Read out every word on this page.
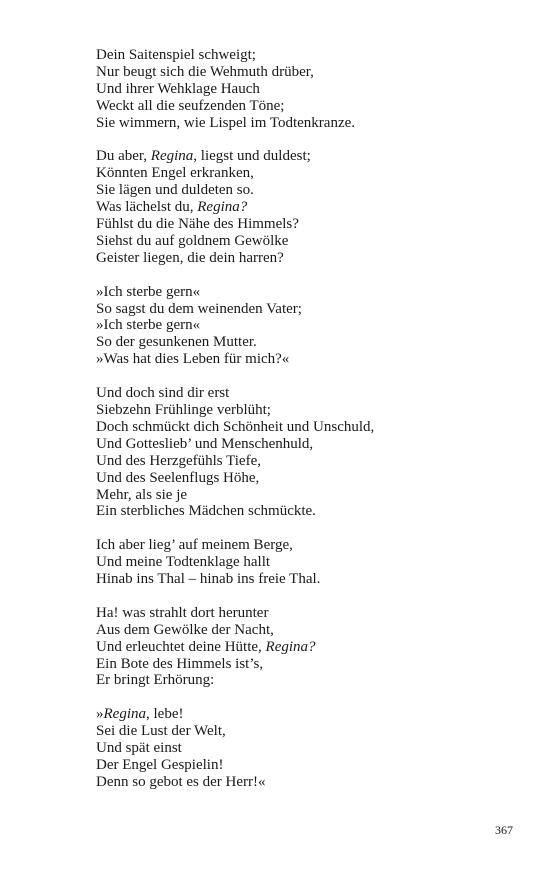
Dein Saitenspiel schweigt;
Nur beugt sich die Wehmuth drüber,
Und ihrer Wehklage Hauch
Weckt all die seufzenden Töne;
Sie wimmern, wie Lispel im Todtenkranze.
Du aber, Regina, liegst und duldest;
Könnten Engel erkranken,
Sie lägen und duldeten so.
Was lächelst du, Regina?
Fühlst du die Nähe des Himmels?
Siehst du auf goldnem Gewölke
Geister liegen, die dein harren?
»Ich sterbe gern«
So sagst du dem weinenden Vater;
»Ich sterbe gern«
So der gesunkenen Mutter.
»Was hat dies Leben für mich?«
Und doch sind dir erst
Siebzehn Frühlinge verblüht;
Doch schmückt dich Schönheit und Unschuld,
Und Gotteslieb’ und Menschenhuld,
Und des Herzgefühls Tiefe,
Und des Seelenflugs Höhe,
Mehr, als sie je
Ein sterbliches Mädchen schmückte.
Ich aber lieg’ auf meinem Berge,
Und meine Todtenklage hallt
Hinab ins Thal – hinab ins freie Thal.
Ha! was strahlt dort herunter
Aus dem Gewölke der Nacht,
Und erleuchtet deine Hütte, Regina?
Ein Bote des Himmels ist’s,
Er bringt Erhörung:
»Regina, lebe!
Sei die Lust der Welt,
Und spät einst
Der Engel Gespielin!
Denn so gebot es der Herr!«
367
